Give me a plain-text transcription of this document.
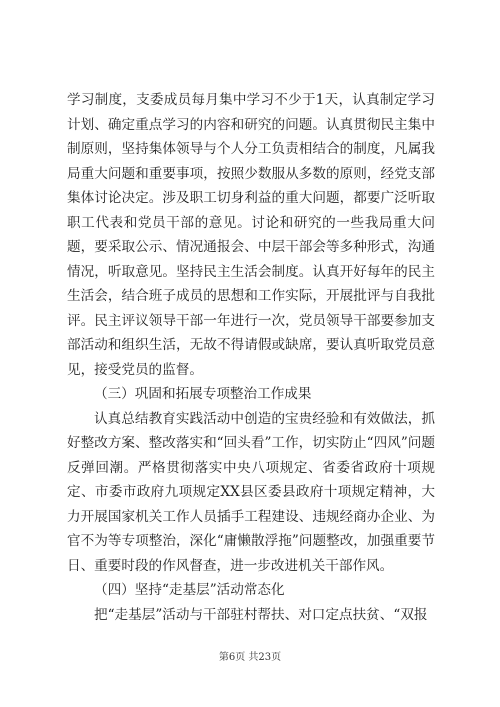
学习制度，支委成员每月集中学习不少于1天，认真制定学习计划、确定重点学习的内容和研究的问题。认真贯彻民主集中制原则，坚持集体领导与个人分工负责相结合的制度，凡属我局重大问题和重要事项，按照少数服从多数的原则，经党支部集体讨论决定。涉及职工切身利益的重大问题，都要广泛听取职工代表和党员干部的意见。讨论和研究的一些我局重大问题，要采取公示、情况通报会、中层干部会等多种形式，沟通情况，听取意见。坚持民主生活会制度。认真开好每年的民主生活会，结合班子成员的思想和工作实际，开展批评与自我批评。民主评议领导干部一年进行一次，党员领导干部要参加支部活动和组织生活，无故不得请假或缺席，要认真听取党员意见，接受党员的监督。

（三）巩固和拓展专项整治工作成果

认真总结教育实践活动中创造的宝贵经验和有效做法，抓好整改方案、整改落实和“回头看”工作，切实防止“四风”问题反弹回潮。严格贯彻落实中央八项规定、省委省政府十项规定、市委市政府九项规定XX县区委县政府十项规定精神，大力开展国家机关工作人员插手工程建设、违规经商办企业、为官不为等专项整治，深化“庸懒散浮拖”问题整改，加强重要节日、重要时段的作风督查，进一步改进机关干部作风。

（四）坚持“走基层”活动常态化

把“走基层”活动与干部驻村帮扶、对口定点扶贫、“双报

第6页 共23页
